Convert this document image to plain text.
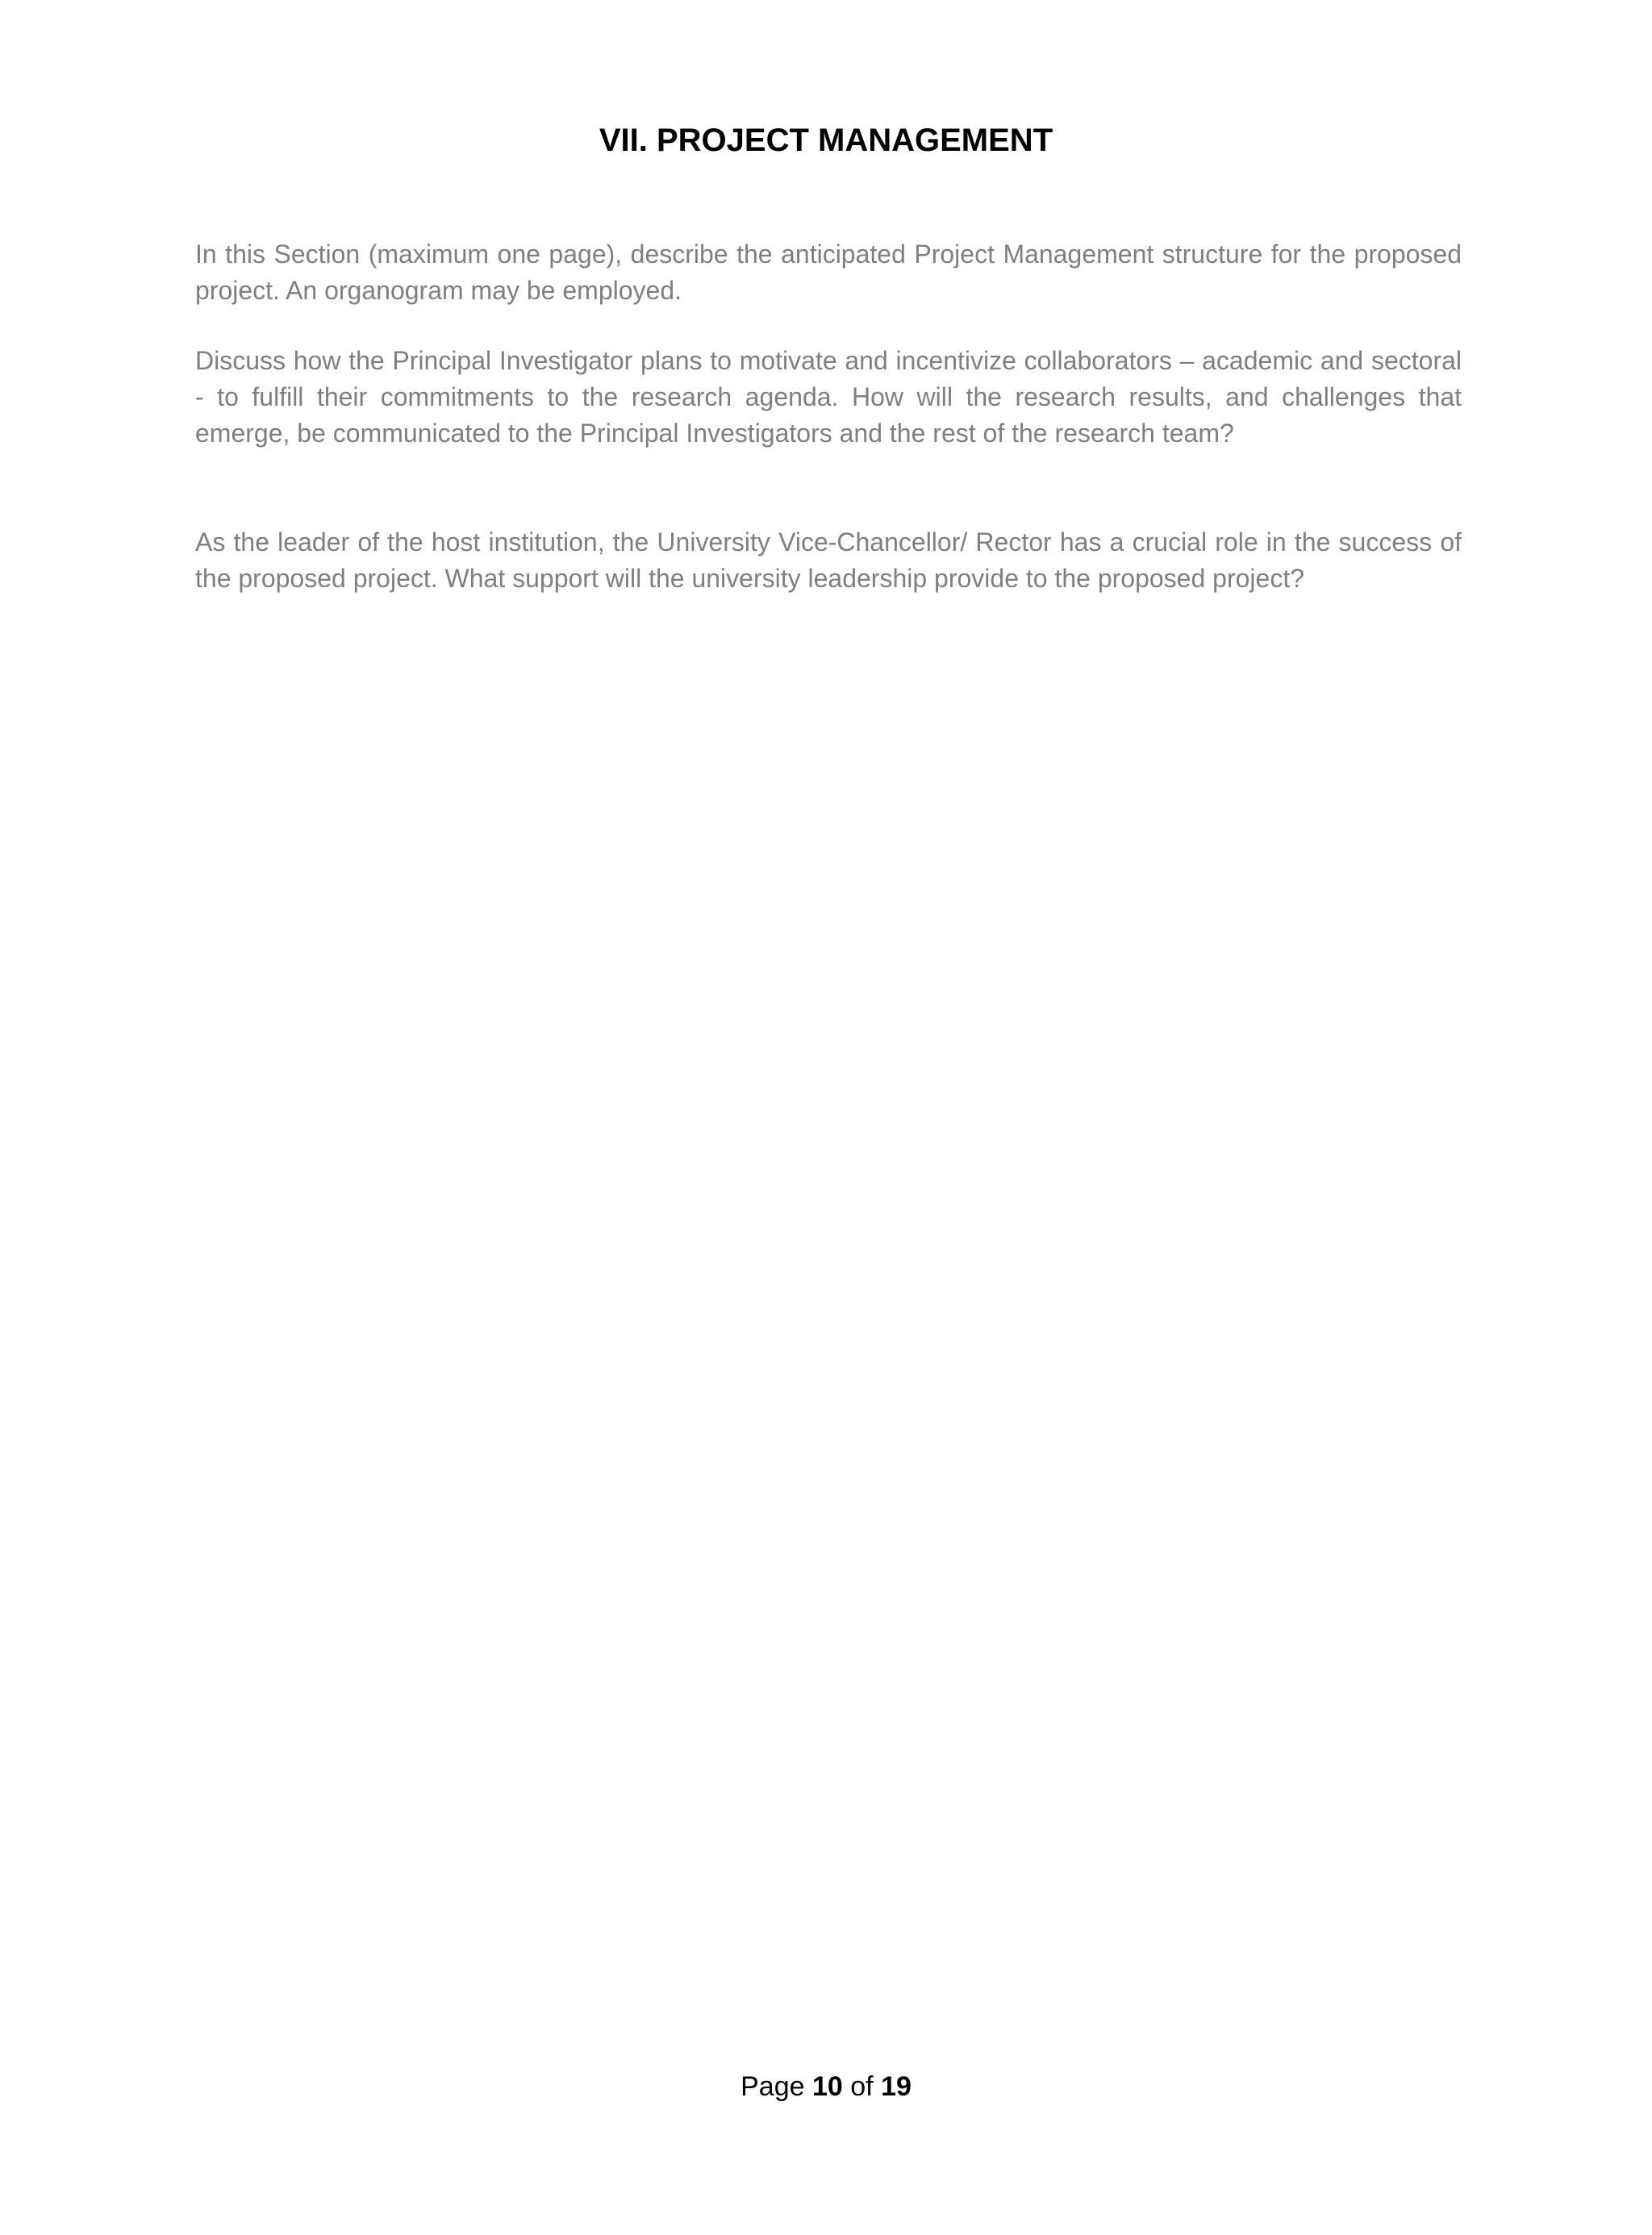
VII. PROJECT MANAGEMENT

In this Section (maximum one page), describe the anticipated Project Management structure for the proposed project. An organogram may be employed.

Discuss how the Principal Investigator plans to motivate and incentivize collaborators – academic and sectoral - to fulfill their commitments to the research agenda. How will the research results, and challenges that emerge, be communicated to the Principal Investigators and the rest of the research team?

As the leader of the host institution, the University Vice-Chancellor/ Rector has a crucial role in the success of the proposed project. What support will the university leadership provide to the proposed project?

Page 10 of 19
